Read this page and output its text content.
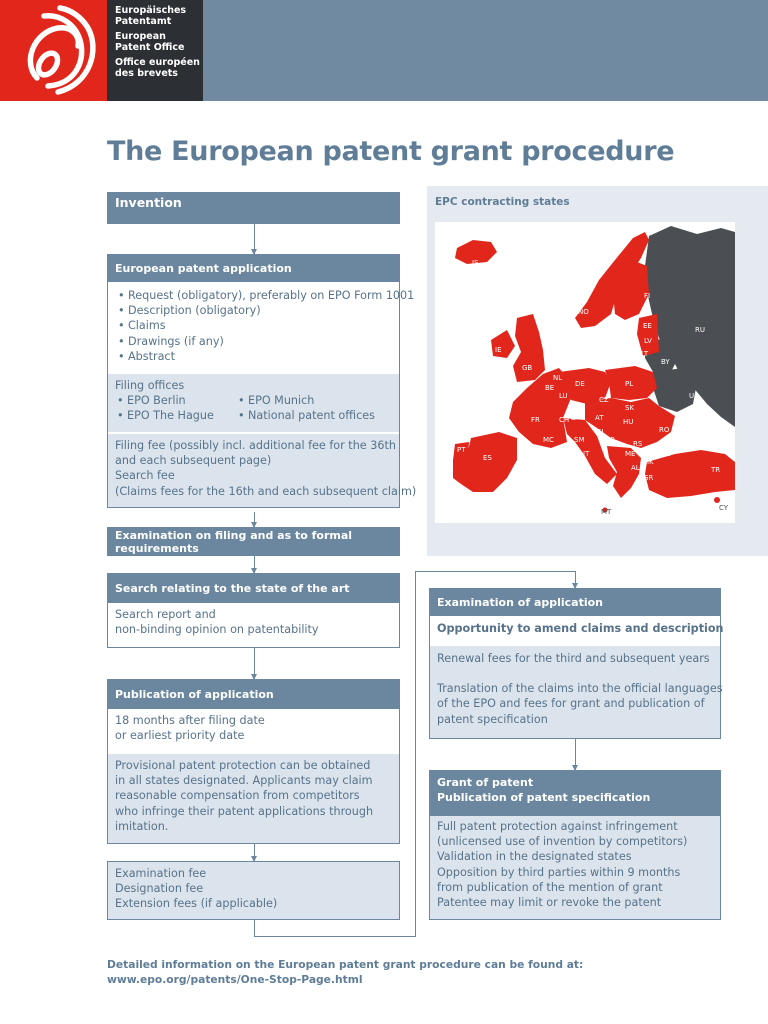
Europäisches
Patentamt
European
Patent Office
Office européen
des brevets
The European patent grant procedure
Invention
European patent application
• Request (obligatory), preferably on EPO Form 1001
• Description (obligatory)
• Claims
• Drawings (if any)
• Abstract
Filing offices
• EPO Berlin
• EPO The Hague
• EPO Munich
• National patent offices
Filing fee (possibly incl. additional fee for the 36th
and each subsequent page)
Search fee
(Claims fees for the 16th and each subsequent claim)
Examination on filing and as to formal requirements
Search relating to the state of the art
Search report and
non-binding opinion on patentability
Publication of application
18 months after filing date
or earliest priority date
Provisional patent protection can be obtained
in all states designated. Applicants may claim
reasonable compensation from competitors
who infringe their patent applications through
imitation.
Examination fee
Designation fee
Extension fees (if applicable)
EPC contracting states
IS
NO
SE
FI
EE
LV
LT
IE
GB
DE	PL
NL
BE
LU	CZ
SK
FR	CH LI	AT	HU
RO
SI
HR
MC	SM
IT
RS
BG
ME
AL
MK
GR
ES
PT	AD
TR
MT	CY
RU
BY
UA
MD
Examination of application
Opportunity to amend claims and description
Renewal fees for the third and subsequent years
Translation of the claims into the official languages
of the EPO and fees for grant and publication of
patent specification
Grant of patent
Publication of patent specification
Full patent protection against infringement
(unlicensed use of invention by competitors)
Validation in the designated states
Opposition by third parties within 9 months
from publication of the mention of grant
Patentee may limit or revoke the patent
Detailed information on the European patent grant procedure can be found at:
www.epo.org/patents/One-Stop-Page.html
